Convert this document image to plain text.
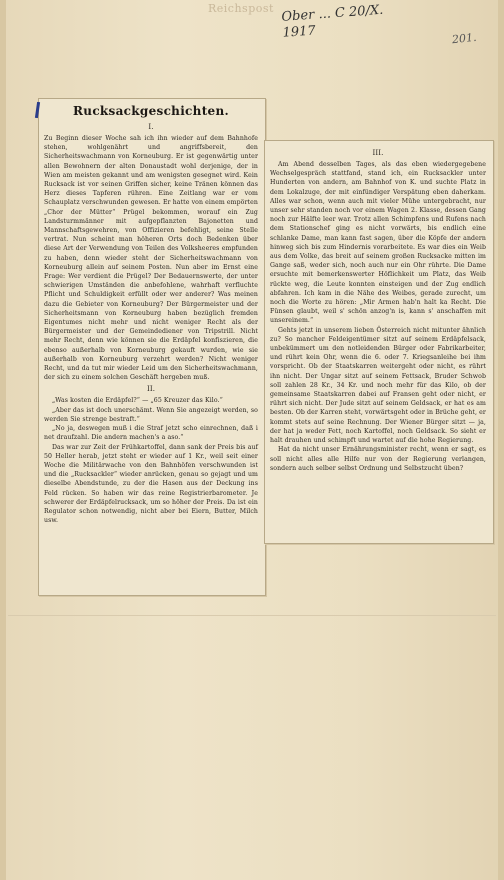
Reichspost Ober ... C 20/X. 1917	201.
Rucksackgeschichten.
I.

Zu Beginn dieser Woche sah ich ihn wieder auf dem Bahnhofe stehen, wohlgenährt und angriffsbereit, den Sicherheitswachmann von Korneuburg. Er ist gegenwärtig unter allen Bewohnern der alten Donaustadt wohl derjenige, der in Wien am meisten gekannt und am wenigsten gesegnet wird. Kein Rucksack ist vor seinen Griffen sicher, keine Tränen können das Herz dieses Tapferen rühren. Eine Zeitlang war er vom Schauplatz verschwunden gewesen. Er hatte von einem empörten „Chor der Mütter“ Prügel bekommen, worauf ein Zug Landsturmmänner mit aufgepflanzten Bajonetten und Mannschaftsgewehren, von Offizieren befehligt, seine Stelle vertrat. Nun scheint man höheren Orts doch Bedenken über diese Art der Verwendung von Teilen des Volksheeres empfunden zu haben, denn wieder steht der Sicherheitswachmann von Korneuburg allein auf seinem Posten. Nun aber im Ernst eine Frage: Wer verdient die Prügel? Der Bedauernswerte, der unter schwierigen Umständen die anbefohlene, wahrhaft verfluchte Pflicht und Schuldigkeit erfüllt oder wer anderer? Was meinen dazu die Gebieter von Korneuburg? Der Bürgermeister und der Sicherheitsmann von Korneuburg haben bezüglich fremden Eigentumes nicht mehr und nicht weniger Recht als der Bürgermeister und der Gemeindediener von Tripstrill. Nicht mehr Recht, denn wie können sie die Erdäpfel konfiszieren, die ebenso außerhalb von Korneuburg gekauft wurden, wie sie außerhalb von Korneuburg verzehrt werden? Nicht weniger Recht, und da tut mir wieder Leid um den Sicherheitswachmann, der sich zu einem solchen Geschäft hergeben muß.

II.

„Was kosten die Erdäpfel?“ — „65 Kreuzer das Kilo.“

„Aber das ist doch unerschämt. Wenn Sie angezeigt werden, so werden Sie strenge bestraft.“

„No ja, deswegen muß i die Straf jetzt scho einrechnen, daß i net draufzahl. Die andern machen's a aso.“

Das war zur Zeit der Frühkartoffel, dann sank der Preis bis auf 50 Heller herab, jetzt steht er wieder auf 1 Kr., weil seit einer Woche die Militärwache von den Bahnhöfen verschwunden ist und die „Rucksackler“ wieder anrücken, genau so gejagt und um dieselbe Abendstunde, zu der die Hasen aus der Deckung ins Feld rücken. So haben wir das reine Registrierbarometer. Je schwerer der Erdäpfelrucksack, um so höher der Preis. Da ist ein Regulator schon notwendig, nicht aber bei Eiern, Butter, Milch usw.

III.

Am Abend desselben Tages, als das eben wiedergegebene Wechselgespräch stattfand, stand ich, ein Rucksackler unter Hunderten von andern, am Bahnhof von K. und suchte Platz in dem Lokalzuge, der mit einfündiger Verspätung eben daherkam. Alles war schon, wenn auch mit vieler Mühe untergebracht, nur unser sehr standen noch vor einem Wagen 2. Klasse, dessen Gang noch zur Hälfte leer war. Trotz allen Schimpfens und Rufens nach dem Stationschef ging es nicht vorwärts, bis endlich eine schlanke Dame, man kann fast sagen, über die Köpfe der andern hinweg sich bis zum Hindernis vorarbeitete. Es war dies ein Weib aus dem Volke, das breit auf seinem großen Rucksacke mitten im Gange saß, weder sich, noch auch nur ein Ohr rührte. Die Dame ersuchte mit bemerkenswerter Höflichkeit um Platz, das Weib rückte weg, die Leute konnten einsteigen und der Zug endlich abfahren. Ich kam in die Nähe des Weibes, gerade zurecht, um noch die Worte zu hören: „Mir Armen hab'n halt ka Recht. Die Fünsen glaubt, weil s' schön anzog'n is, kann s' anschaffen mit unsereinem.“

Gehts jetzt in unserem lieben Österreich nicht mitunter ähnlich zu? So mancher Feldeigentümer sitzt auf seinem Erdäpfelsack, unbekümmert um den notleidenden Bürger oder Fabrikarbeiter, und rührt kein Ohr, wenn die 6. oder 7. Kriegsanleihe bei ihm vorspricht. Ob der Staatskarren weitergeht oder nicht, es rührt ihn nicht. Der Ungar sitzt auf seinem Fettsack, Bruder Schwob soll zahlen 28 Kr., 34 Kr. und noch mehr für das Kilo, ob der gemeinsame Staatskarren dabei auf Fransen geht oder nicht, er rührt sich nicht. Der Jude sitzt auf seinem Geldsack, er hat es am besten. Ob der Karren steht, vorwärtsgeht oder in Brüche geht, er kommt stets auf seine Rechnung. Der Wiener Bürger sitzt — ja, der hat ja weder Fett, noch Kartoffel, noch Geldsack. So sieht er halt drauhen und schimpft und wartet auf die hohe Regierung.

Hat da nicht unser Ernährungsminister recht, wenn er sagt, es soll nicht alles alle Hilfe nur von der Regierung verlangen, sondern auch selber selbst Ordnung und Selbstzucht üben?
